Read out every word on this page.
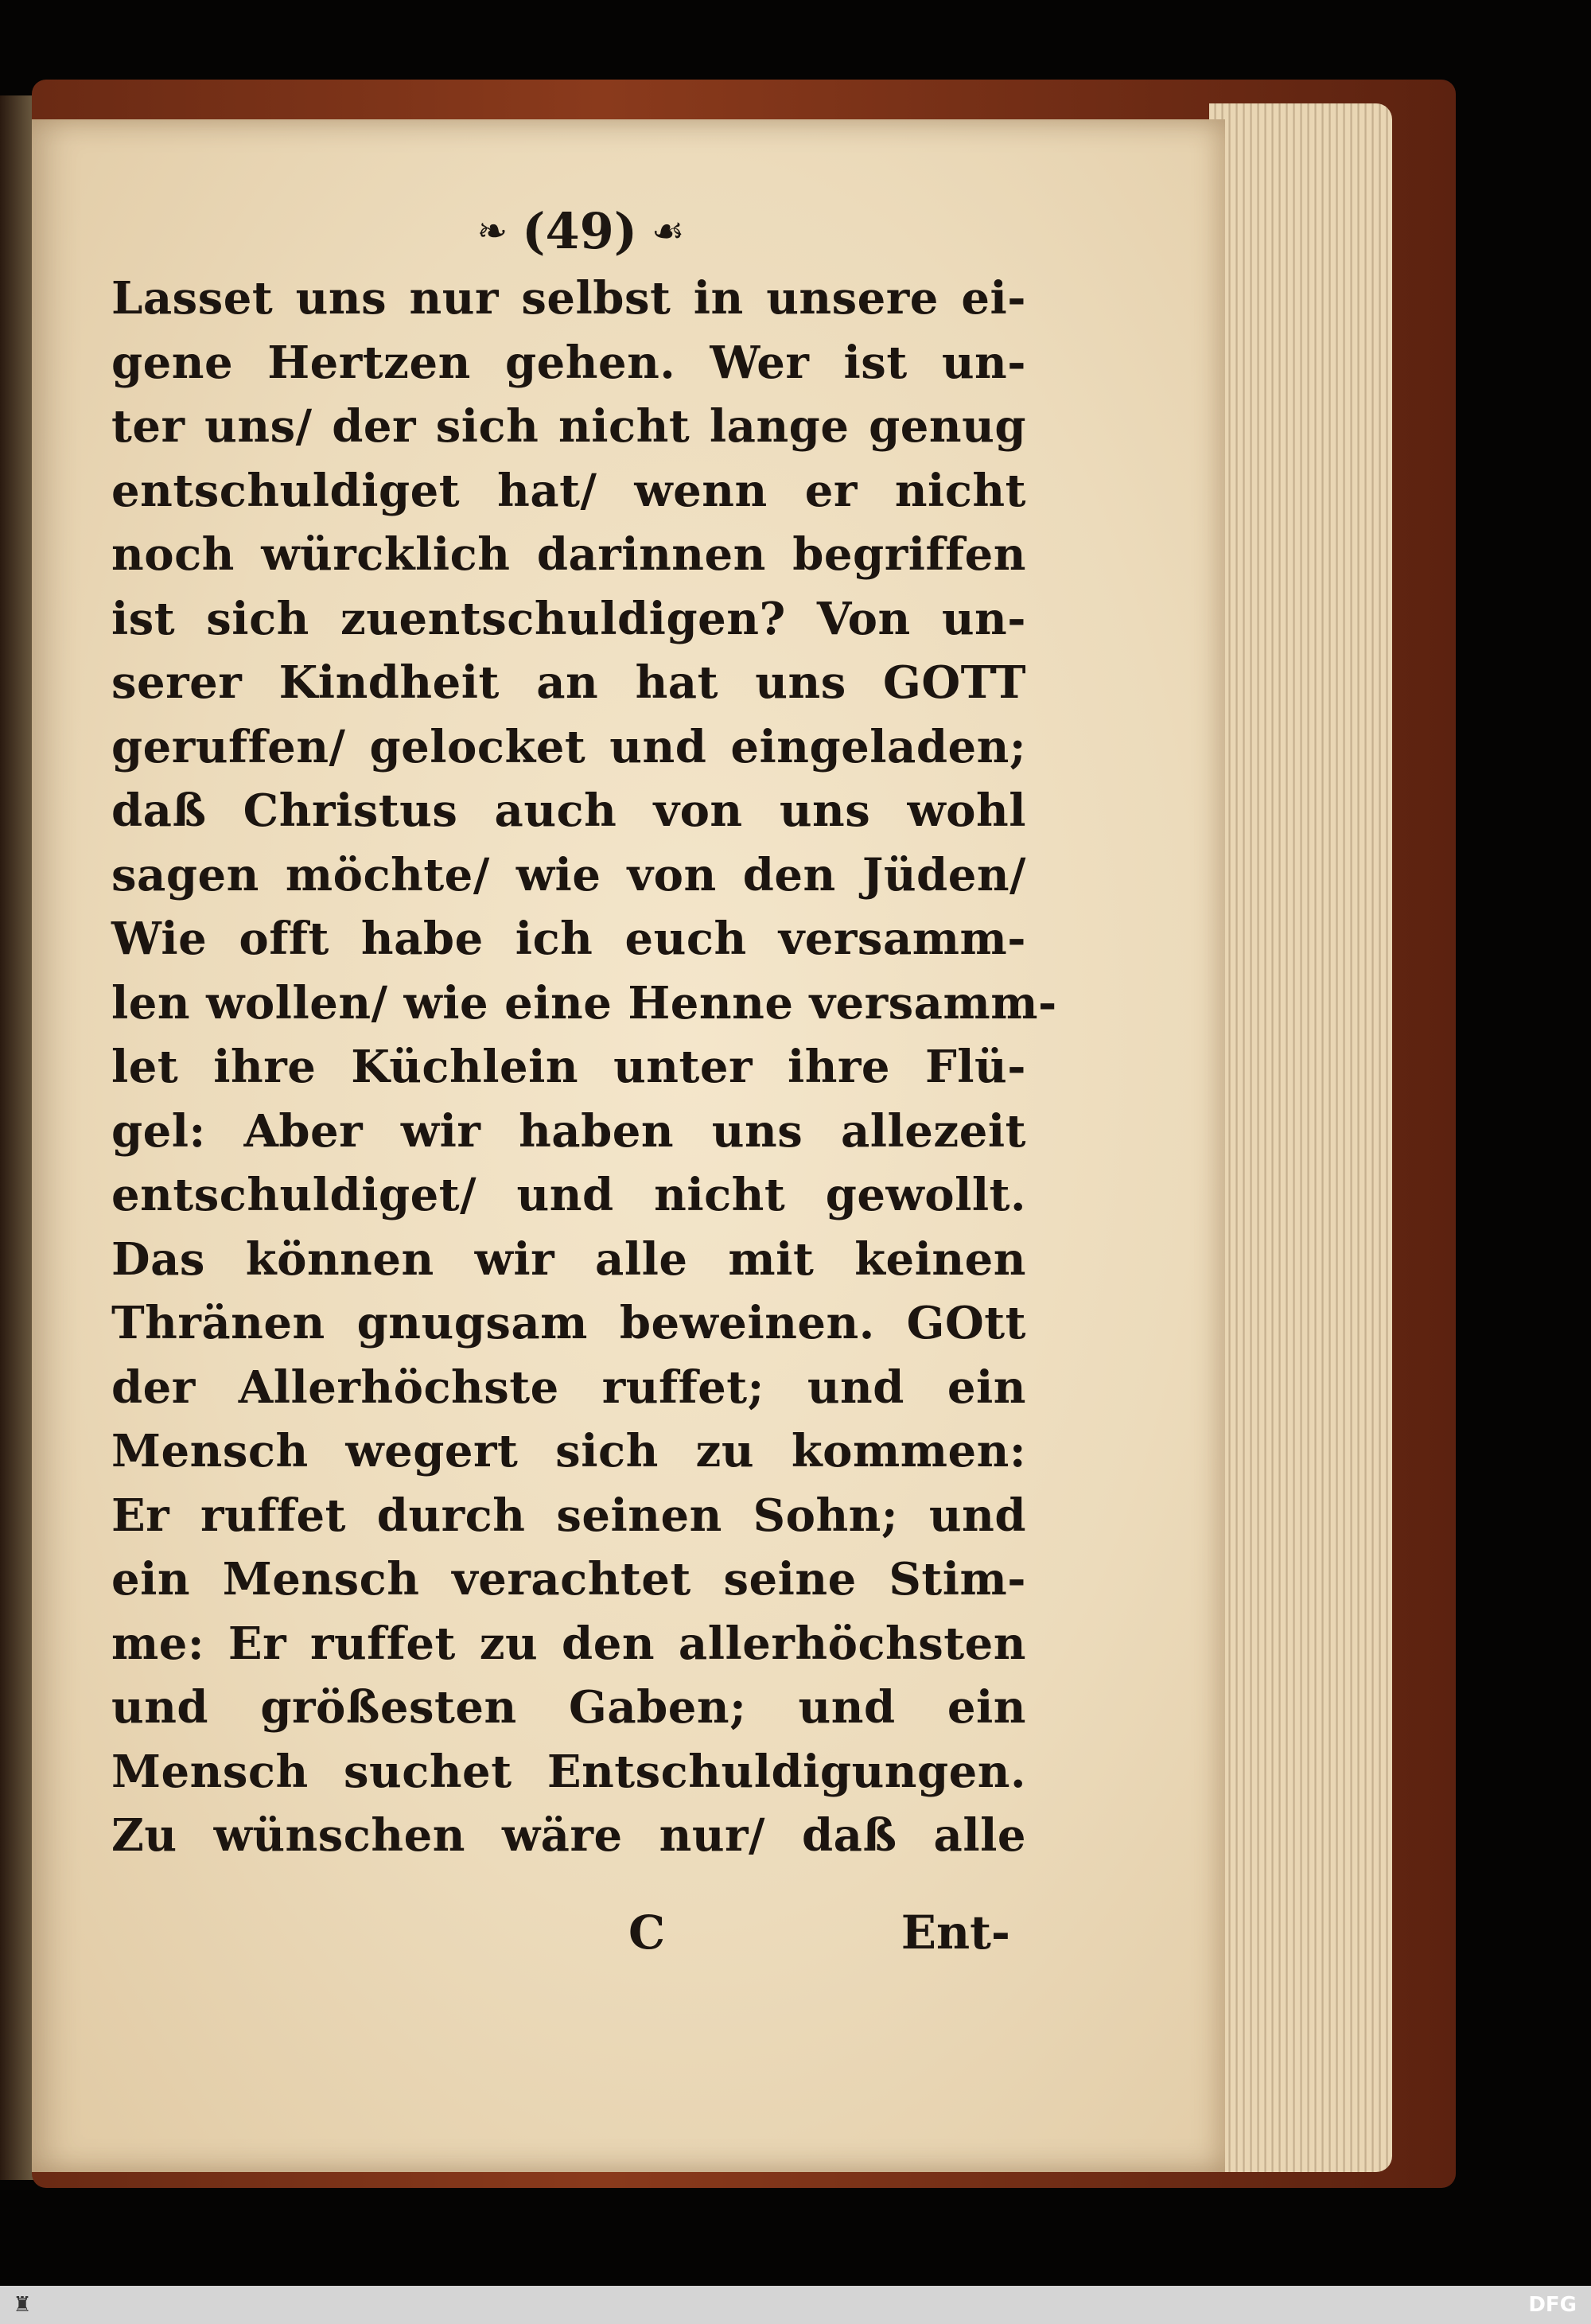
❧ (49) ☙
Lasset uns nur selbst in unsere ei-
gene Hertzen gehen. Wer ist un-
ter uns/ der sich nicht lange genug
entschuldiget hat/ wenn er nicht
noch würcklich darinnen begriffen
ist sich zuentschuldigen? Von un-
serer Kindheit an hat uns GOTT
geruffen/ gelocket und eingeladen;
daß Christus auch von uns wohl
sagen möchte/ wie von den Jüden/
Wie offt habe ich euch versamm-
len wollen/ wie eine Henne versamm-
let ihre Küchlein unter ihre Flü-
gel: Aber wir haben uns allezeit
entschuldiget/ und nicht gewollt.
Das können wir alle mit keinen
Thränen gnugsam beweinen. GOtt
der Allerhöchste ruffet; und ein
Mensch wegert sich zu kommen:
Er ruffet durch seinen Sohn; und
ein Mensch verachtet seine Stim-
me: Er ruffet zu den allerhöchsten
und größesten Gaben; und ein
Mensch suchet Entschuldigungen.
Zu wünschen wäre nur/ daß alle
C	Ent-
♜	DFG
